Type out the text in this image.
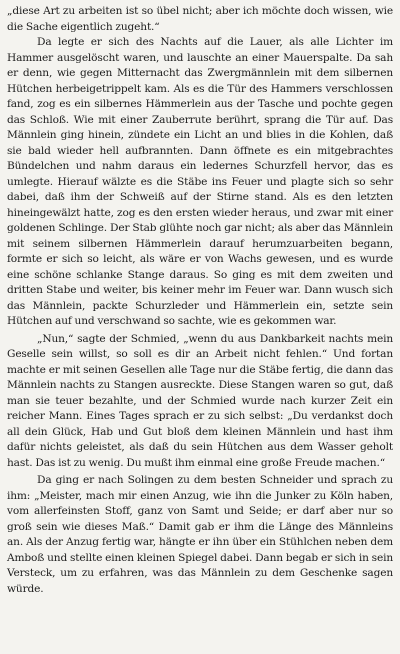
„diese Art zu arbeiten ist so übel nicht; aber ich möchte doch wissen, wie die Sache eigentlich zugeht.“

Da legte er sich des Nachts auf die Lauer, als alle Lichter im Hammer ausgelöscht waren, und lauschte an einer Mauerspalte. Da sah er denn, wie gegen Mitternacht das Zwergmännlein mit dem silbernen Hütchen herbeigetrippelt kam. Als es die Tür des Hammers verschlossen fand, zog es ein silbernes Hämmerlein aus der Tasche und pochte gegen das Schloß. Wie mit einer Zauberrute berührt, sprang die Tür auf. Das Männlein ging hinein, zündete ein Licht an und blies in die Kohlen, daß sie bald wieder hell aufbrannten. Dann öffnete es ein mitgebrachtes Bündelchen und nahm daraus ein ledernes Schurzfell hervor, das es umlegte. Hierauf wälzte es die Stäbe ins Feuer und plagte sich so sehr dabei, daß ihm der Schweiß auf der Stirne stand. Als es den letzten hineingewälzt hatte, zog es den ersten wieder heraus, und zwar mit einer goldenen Schlinge. Der Stab glühte noch gar nicht; als aber das Männlein mit seinem silbernen Hämmerlein darauf herumzuarbeiten begann, formte er sich so leicht, als wäre er von Wachs gewesen, und es wurde eine schöne schlanke Stange daraus. So ging es mit dem zweiten und dritten Stabe und weiter, bis keiner mehr im Feuer war. Dann wusch sich das Männlein, packte Schurzleder und Hämmerlein ein, setzte sein Hütchen auf und verschwand so sachte, wie es gekommen war.

„Nun,“ sagte der Schmied, „wenn du aus Dankbarkeit nachts mein Geselle sein willst, so soll es dir an Arbeit nicht fehlen.“ Und fortan machte er mit seinen Gesellen alle Tage nur die Stäbe fertig, die dann das Männlein nachts zu Stangen ausreckte. Diese Stangen waren so gut, daß man sie teuer bezahlte, und der Schmied wurde nach kurzer Zeit ein reicher Mann. Eines Tages sprach er zu sich selbst: „Du verdankst doch all dein Glück, Hab und Gut bloß dem kleinen Männlein und hast ihm dafür nichts geleistet, als daß du sein Hütchen aus dem Wasser geholt hast. Das ist zu wenig. Du mußt ihm einmal eine große Freude machen.“

Da ging er nach Solingen zu dem besten Schneider und sprach zu ihm: „Meister, mach mir einen Anzug, wie ihn die Junker zu Köln haben, vom allerfeinsten Stoff, ganz von Samt und Seide; er darf aber nur so groß sein wie dieses Maß.“ Damit gab er ihm die Länge des Männleins an. Als der Anzug fertig war, hängte er ihn über ein Stühlchen neben dem Amboß und stellte einen kleinen Spiegel dabei. Dann begab er sich in sein Versteck, um zu erfahren, was das Männlein zu dem Geschenke sagen würde.
